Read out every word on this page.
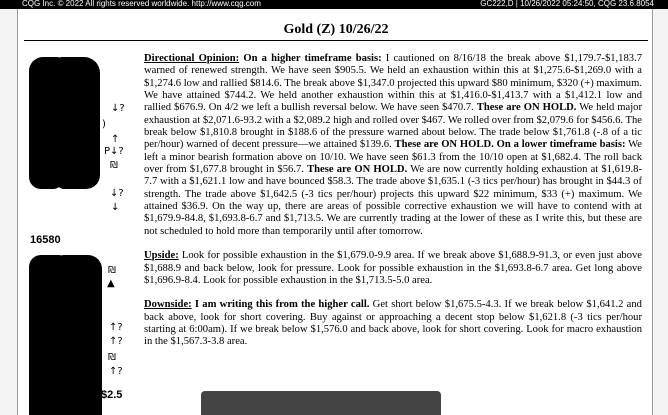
CQG Inc. © 2022 All rights reserved worldwide. http://www.cqg.com	GC222,D | 10/26/2022 05:24:50, CQG 23.6.8054
Gold (Z) 10/26/22
↓?
)
↑
P↓?
₪
↓?
↓
16580
₪
▲
↑?
↑?
₪
↑?
$2.5

Directional Opinion: On a higher timeframe basis: I cautioned on 8/16/18 the break above $1,179.7-$1,183.7 warned of renewed strength. We have seen $905.5. We held an exhaustion within this at $1,275.6-$1,269.0 with a $1,274.6 low and rallied $814.6. The break above $1,347.0 projected this upward $80 minimum, $320 (+) maximum. We have attained $744.2. We held another exhaustion within this at $1,416.0-$1,413.7 with a $1,412.1 low and rallied $676.9. On 4/2 we left a bullish reversal below. We have seen $470.7. These are ON HOLD. We held major exhaustion at $2,071.6-93.2 with a $2,089.2 high and rolled over $467. We rolled over from $2,079.6 for $456.6. The break below $1,810.8 brought in $188.6 of the pressure warned about below. The trade below $1,761.8 (-.8 of a tic per/hour) warned of decent pressure—we attained $139.6. These are ON HOLD. On a lower timeframe basis: We left a minor bearish formation above on 10/10. We have seen $61.3 from the 10/10 open at $1,682.4. The roll back over from $1,677.8 brought in $56.7. These are ON HOLD. We are now currently holding exhaustion at $1,619.8-7.7 with a $1,621.1 low and have bounced $58.3. The trade above $1,635.1 (-3 tics per/hour) has brought in $44.3 of strength. The trade above $1,642.5 (-3 tics per/hour) projects this upward $22 minimum, $33 (+) maximum. We attained $36.9. On the way up, there are areas of possible corrective exhaustion we will have to contend with at $1,679.9-84.8, $1,693.8-6.7 and $1,713.5. We are currently trading at the lower of these as I write this, but these are not scheduled to hold more than temporarily until after tomorrow.

Upside: Look for possible exhaustion in the $1,679.0-9.9 area. If we break above $1,688.9-91.3, or even just above $1,688.9 and back below, look for pressure. Look for possible exhaustion in the $1,693.8-6.7 area. Get long above $1,696.9-8.4. Look for possible exhaustion in the $1,713.5-5.0 area.

Downside: I am writing this from the higher call. Get short below $1,675.5-4.3. If we break below $1,641.2 and back above, look for short covering. Buy against or approaching a decent stop below $1,621.8 (-3 tics per/hour starting at 6:00am). If we break below $1,576.0 and back above, look for short covering. Look for macro exhaustion in the $1,567.3-3.8 area.
